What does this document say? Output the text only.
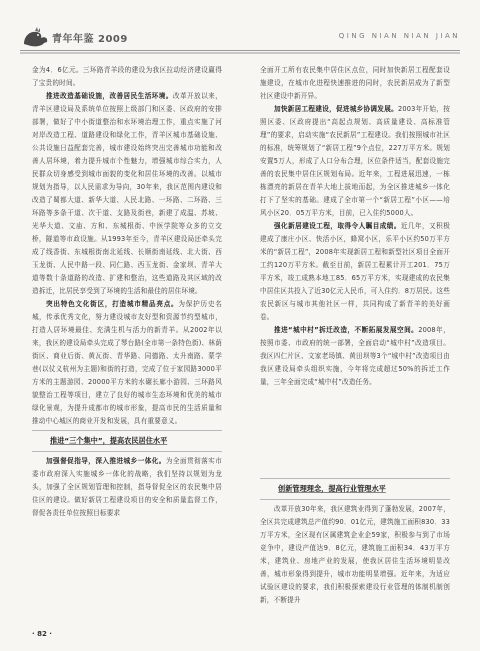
青年年鉴 2009	QING NIAN NIAN JIAN

金为4．6亿元。三环路青羊段的建设为我区拉动经济建设赢得了宝贵的时间。

推进改造基础设施，改善居民生活环境。改革开放以来，青羊区建设局及系统单位按照上级部门和区委、区政府的安排部署，做好了中小街道整治和水环境治理工作，重点实施了河对岸改造工程、道路建设和绿化工作，青羊区城市基础设施、公共设施日益配套完善，城市建设始终突出完善城市功能和改善人居环境，着力提升城市个性魅力，增强城市综合实力，人民群众切身感受到城市面貌的变化和居住环境的改善。以城市规划为指导，以人民需求为导向，30年来，我区范围内建设和改造了蜀都大道、新华大道、人民北路、一环路、二环路、三环路等多条干道、次干道、支路及街巷，新建了成温、苏坡、光华大道、文庙、方和、东城根街、中医学院等众多的立交桥，隧道等市政设施。从1993年至今，青羊区建设局还牵头完成了线香街、东城根街南北延线、长顺街南延线、北大街、西玉龙街、人民中路一段、同仁路、西玉龙街、金家坝、青羊大道等数十条道路的改造、扩建和整治，这些道路及其区域的改造拆迁，比居民享受到了环境的生活和最佳的居住环境。

突出特色文化街区，打造城市精品亮点。为保护历史名城，传承优秀文化，努力建设城市友好型和资源节约型城市，打造人居环境最佳、充满生机与活力的新青羊。从2002年以来，我区的建设局牵头完成了琴台路(全市第一条特色街)、林荫街区、商业后街、黄瓦街、青华路、同德路、太升南路、蒙学巷(以仗义杭州为主题)和街的打造，完成了位于家园路3000平方米的主题游园、20000平方米的水碾长廊小游园、三环路风貌整治工程等项目，建立了良好的城市生态环境和优美的城市绿化景观，为提升成都市的城市形象，提高市民的生活质量和推动中心城区的商业开发和发展，具有重要意义。

推进“三个集中”，提高农民居住水平

加强督促指导，深入推进城乡一体化。为全面贯彻落实市委市政府深入实施城乡一体化的战略，我们坚持以规划为龙头，加强了全区规划管理和控制，指导督促全区的农民集中居住区的建设。做好新居工程建设项目的安全和质量监督工作，督促各责任单位按照目标要求

全面开工所有农民集中居住区点位，同时加快新居工程配套设施建设，在城市化进程快速推进的同时，农民新居成为了新型社区建设中新开异。

加快新居工程建设，促进城乡协调发展。2003年开始，按照区委、区政府提出“高起点规划、高质量建设、高标准管理”的要求，启动实施“农民新居”工程建设。我们按照城市社区的标准，统筹规划了“新居工程”9个点位，227万平方米。规划安置5万人，形成了人口分布合理，区位条件适当，配套设施完善的农民集中居住区规划布局。近年来，工程进展迅速，一栋栋漂亮的新居在青羊大地上拔地而起，为全区推进城乡一体化打下了坚实的基础。建成了全市第一个“新居工程”小区——培风小区20．05万平方米，目前，已入住约5000人。

强化新居建设工程，取得令人瞩目成绩。近几年，又积极建成了康庄小区、快活小区，蜂窝小区，乐平小区约50万平方米的“新居工程”，2008年实现新居工程和新型社区项目全面开工约120万平方米。截至目前，新居工程累计开工201．75万平方米，竣工成熟本地工85．65万平方米，实现建成的农民集中居住区共投入了近30亿元人民币，可入住约．8万居民。这些农民新区与城市其他社区一样，共同构成了新青羊的美好画卷。

推进“城中村”拆迁改造，不断拓展发展空间。2008年，按照市委、市政府的统一部署，全面启动“城中村”改造项目。我区四仁片区、文家老场镇、黄田坝等3个“城中村”改造项目由我区建设局牵头组织实施，今年将完成超过50%的拆迁工作量，三年全面完成“城中村”改造任务。

创新管理理念，提高行业管理水平

改革开放30年来，我区建筑业得到了蓬勃发展，2007年，全区共完成建筑总产值约90．01亿元，建筑施工面积830．33万平方米，全区现有区属建筑企业企59家，积极参与到了市场竞争中，建设产值达9．8亿元，建筑施工面积34．43万平方米，建筑业、房地产业的发展，使我区居住生活环境明显改善，城市形象得到提升，城市功能明显增强。近年来，为适应试验区建设的要求，我们积极探索建设行业管理的体制机制创新，不断提升

· 82 ·
